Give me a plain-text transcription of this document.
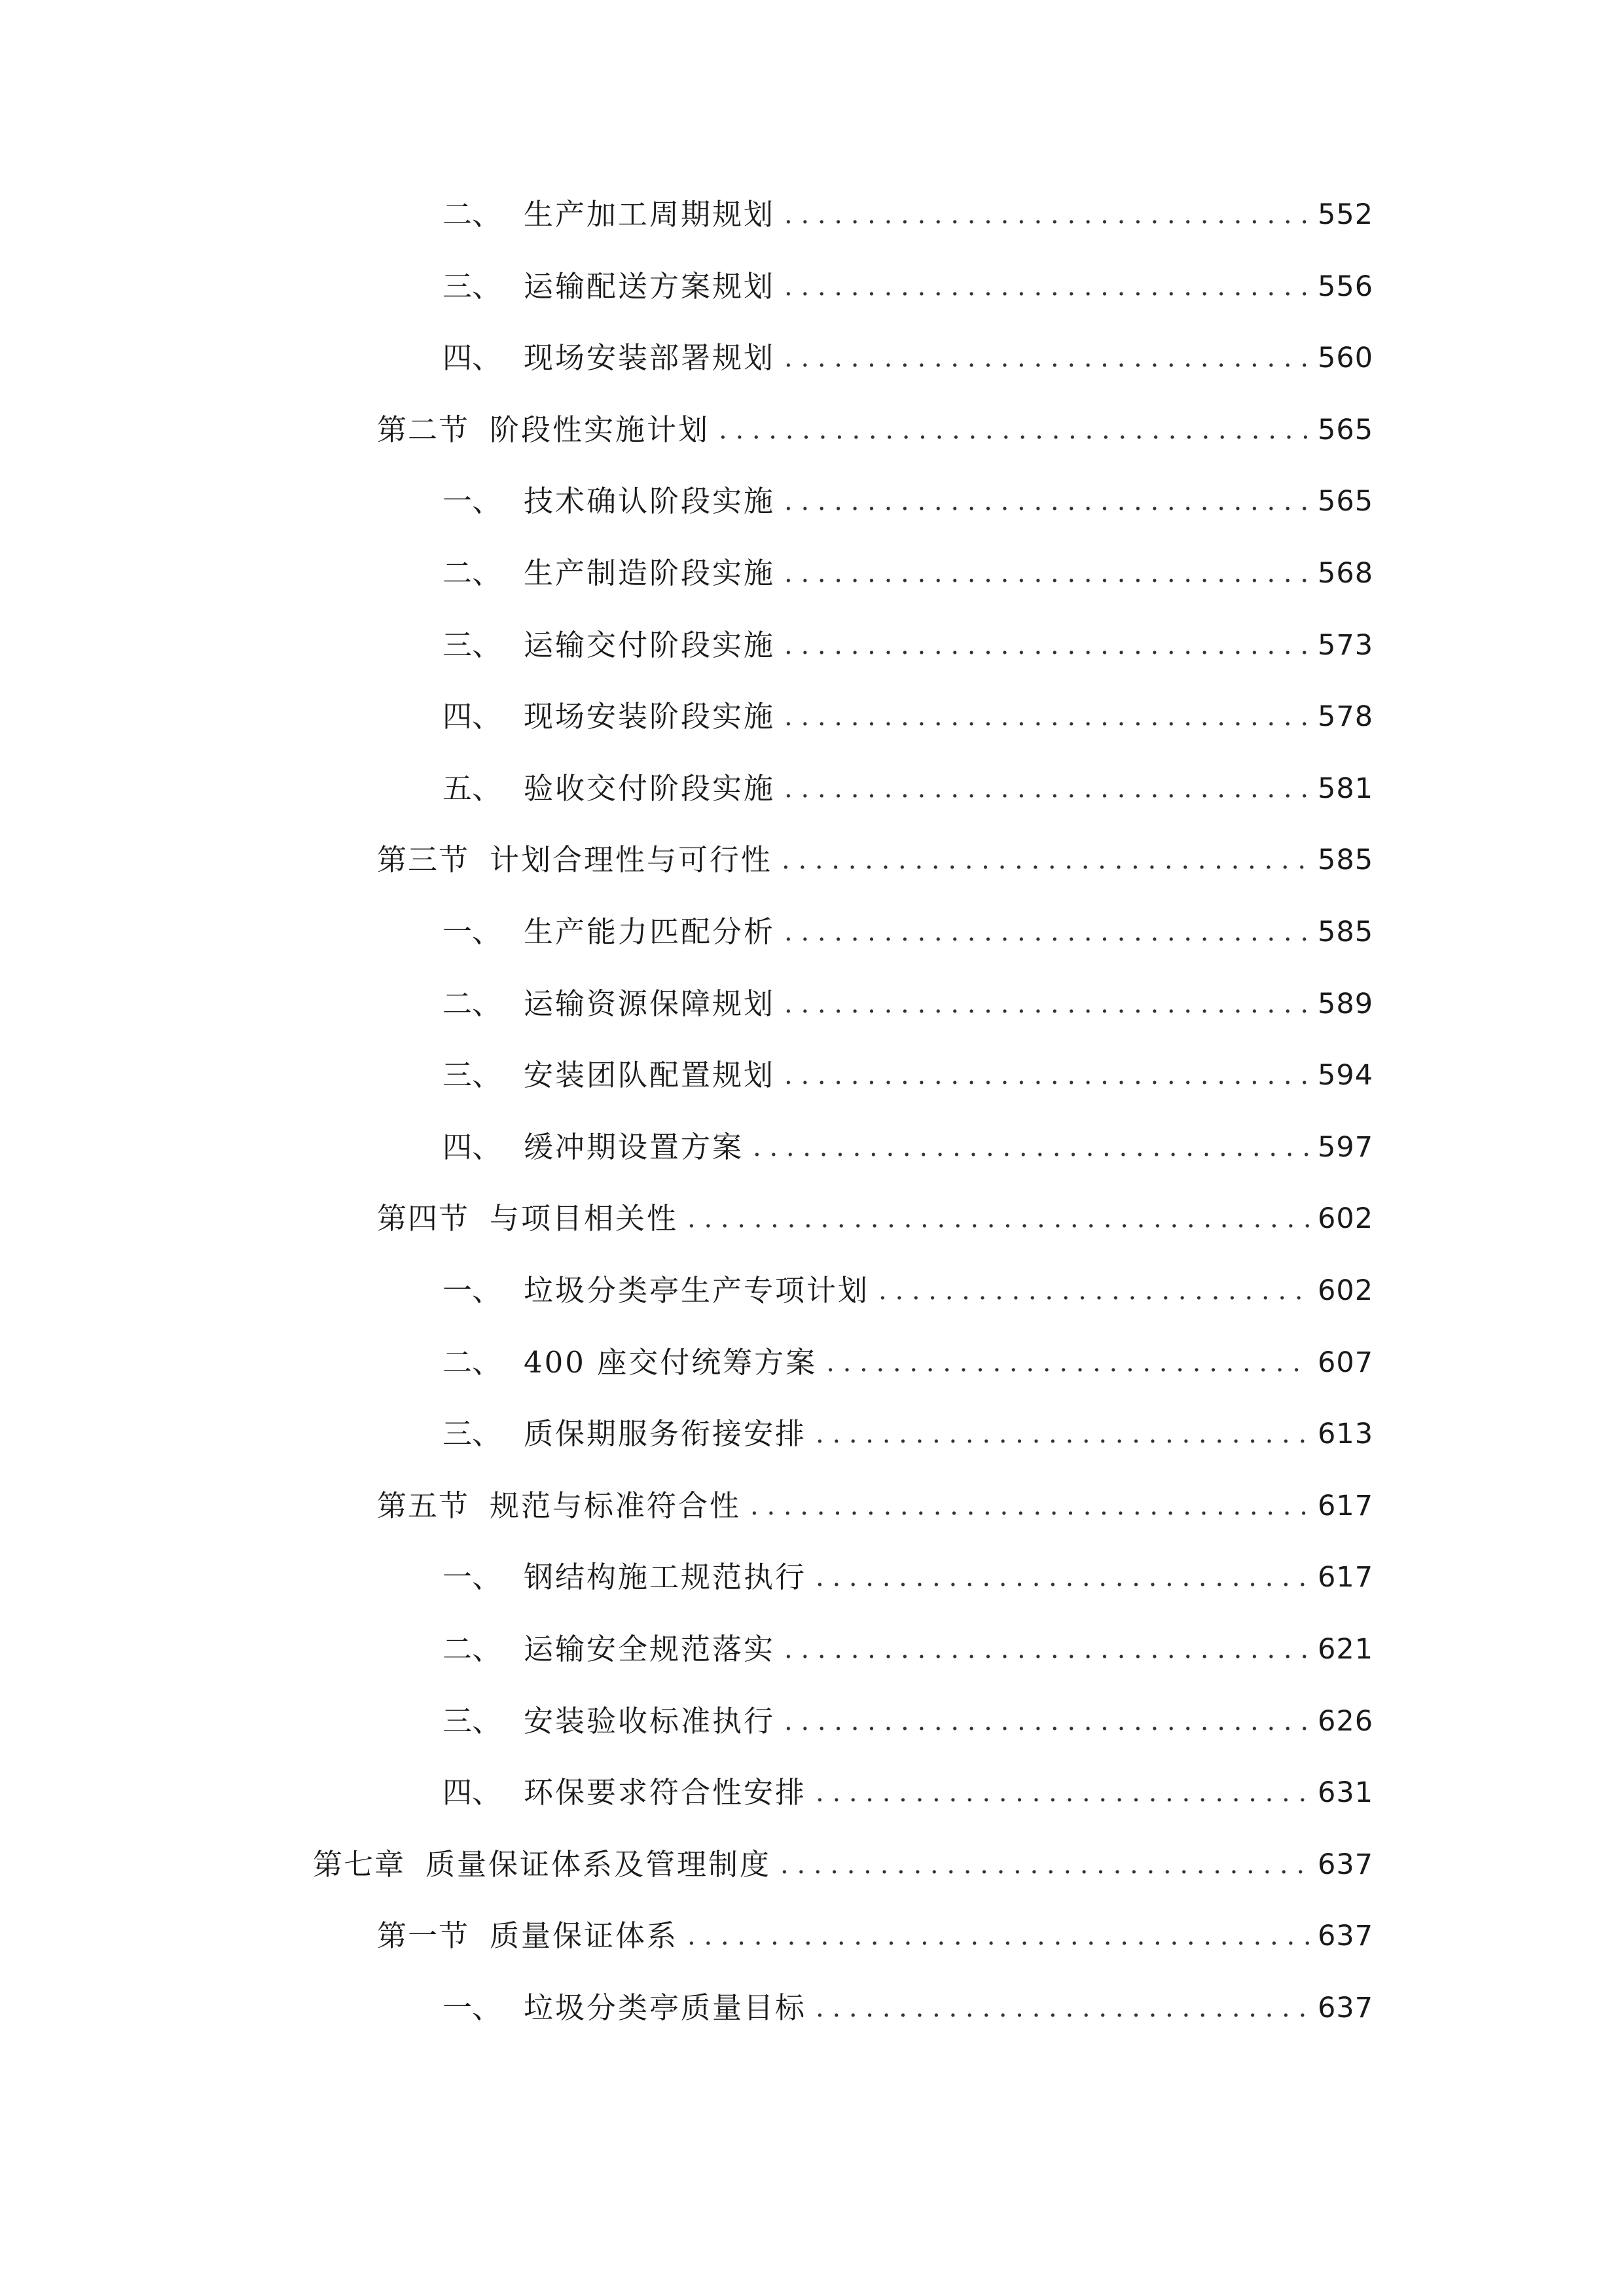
二、 生产加工周期规划 . . .	552
三、 运输配送方案规划 . . .	556
四、 现场安装部署规划 . . .	560
第二节 阶段性实施计划 . . .	565
一、 技术确认阶段实施 . . .	565
二、 生产制造阶段实施 . . .	568
三、 运输交付阶段实施 . . .	573
四、 现场安装阶段实施 . . .	578
五、 验收交付阶段实施 . . .	581
第三节 计划合理性与可行性 . . .	585
一、 生产能力匹配分析 . . .	585
二、 运输资源保障规划 . . .	589
三、 安装团队配置规划 . . .	594
四、 缓冲期设置方案 . . .	597
第四节 与项目相关性 . . .	602
一、 垃圾分类亭生产专项计划 . . .	602
二、 400 座交付统筹方案 . . .	607
三、 质保期服务衔接安排 . . .	613
第五节 规范与标准符合性 . . .	617
一、 钢结构施工规范执行 . . .	617
二、 运输安全规范落实 . . .	621
三、 安装验收标准执行 . . .	626
四、 环保要求符合性安排 . . .	631
第七章 质量保证体系及管理制度 . . .	637
第一节 质量保证体系 . . .	637
一、 垃圾分类亭质量目标 . . .	637
